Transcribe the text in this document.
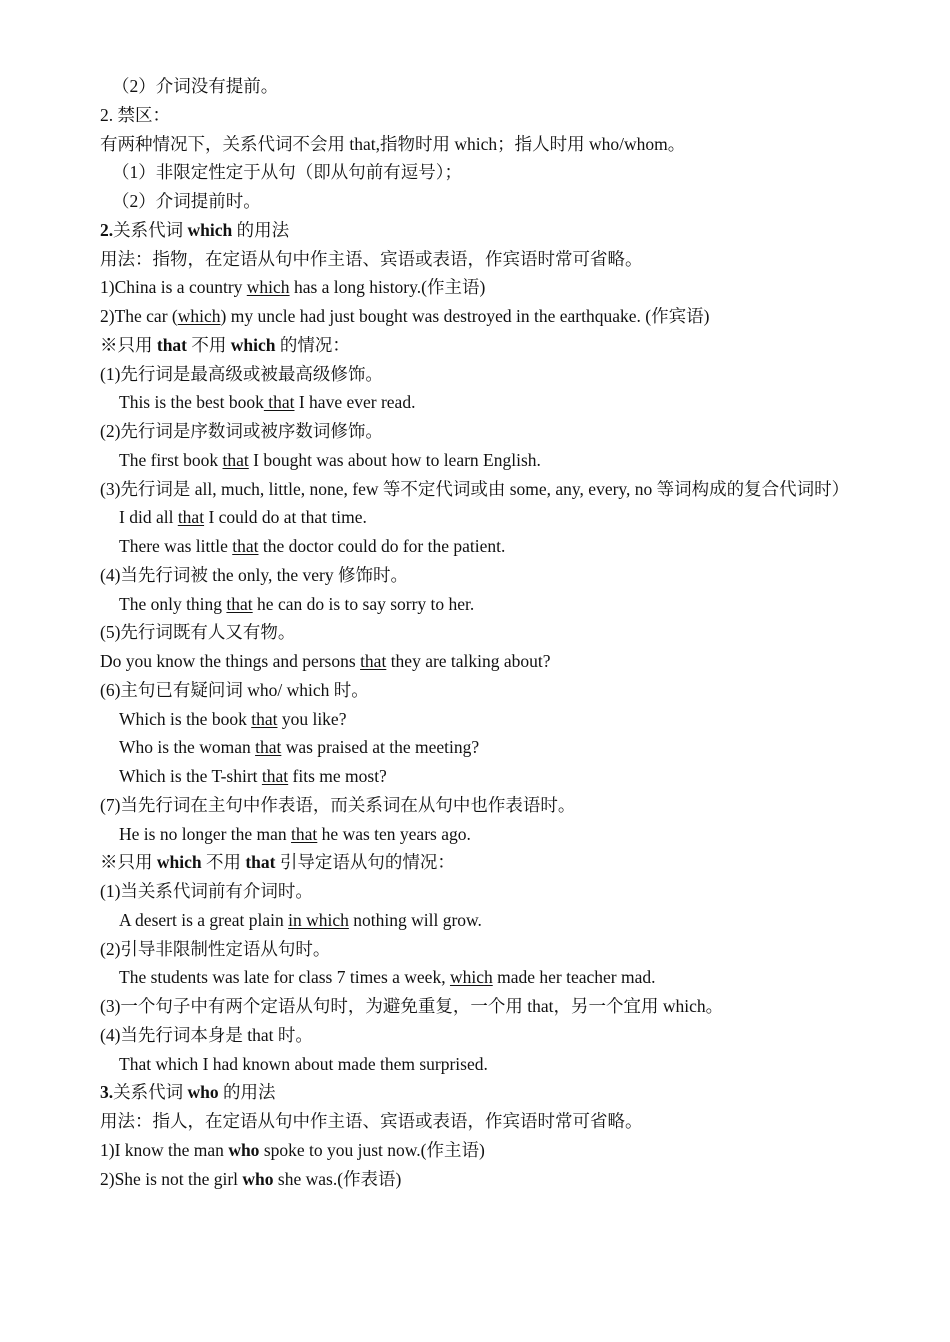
（2）介词没有提前。
2. 禁区：
有两种情况下，关系代词不会用 that,指物时用 which；指人时用 who/whom。
（1）非限定性定于从句（即从句前有逗号）；
（2）介词提前时。
2.关系代词 which 的用法
用法：指物，在定语从句中作主语、宾语或表语，作宾语时常可省略。
1)China is a country which has a long history.(作主语)
2)The car (which) my uncle had just bought was destroyed in the earthquake. (作宾语)
※只用 that 不用 which 的情况：
(1)先行词是最高级或被最高级修饰。
This is the best book that I have ever read.
(2)先行词是序数词或被序数词修饰。
The first book that I bought was about how to learn English.
(3)先行词是 all, much, little, none, few 等不定代词或由 some, any, every, no 等词构成的复合代词时）
I did all that I could do at that time.
There was little that the doctor could do for the patient.
(4)当先行词被 the only, the very 修饰时。
The only thing that he can do is to say sorry to her.
(5)先行词既有人又有物。
Do you know the things and persons that they are talking about?
(6)主句已有疑问词 who/ which 时。
Which is the book that you like?
Who is the woman that was praised at the meeting?
Which is the T-shirt that fits me most?
(7)当先行词在主句中作表语，而关系词在从句中也作表语时。
He is no longer the man that he was ten years ago.
※只用 which 不用 that 引导定语从句的情况：
(1)当关系代词前有介词时。
A desert is a great plain in which nothing will grow.
(2)引导非限制性定语从句时。
The students was late for class 7 times a week, which made her teacher mad.
(3)一个句子中有两个定语从句时，为避免重复，一个用 that，另一个宜用 which。
(4)当先行词本身是 that 时。
That which I had known about made them surprised.
3.关系代词 who 的用法
用法：指人，在定语从句中作主语、宾语或表语，作宾语时常可省略。
1)I know the man who spoke to you just now.(作主语)
2)She is not the girl who she was.(作表语)
